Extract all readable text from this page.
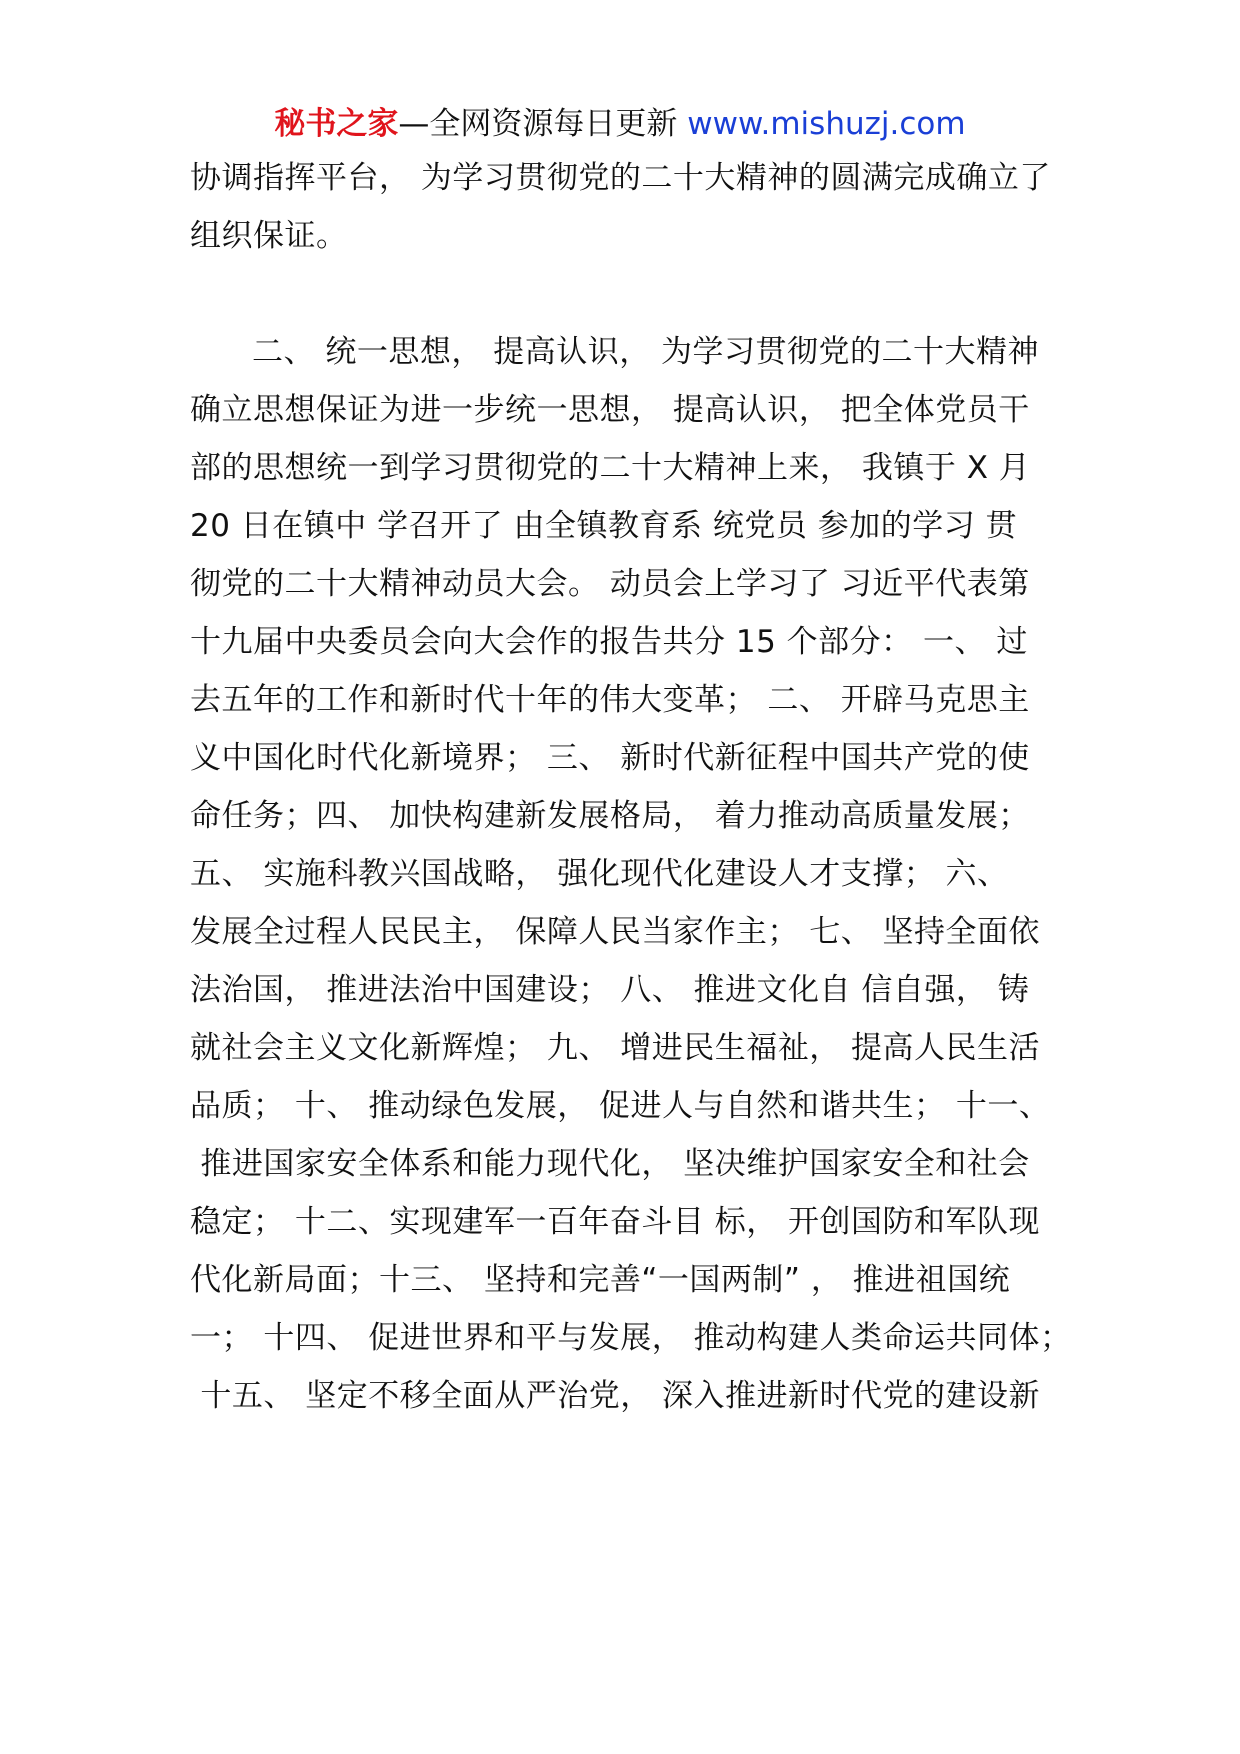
秘书之家—全网资源每日更新 www.mishuzj.com
协调指挥平台， 为学习贯彻党的二十大精神的圆满完成确立了
组织保证。
二、 统一思想， 提高认识， 为学习贯彻党的二十大精神
确立思想保证为进一步统一思想， 提高认识， 把全体党员干
部的思想统一到学习贯彻党的二十大精神上来， 我镇于 X 月
20 日在镇中 学召开了 由全镇教育系 统党员 参加的学习 贯
彻党的二十大精神动员大会。 动员会上学习了 习近平代表第
十九届中央委员会向大会作的报告共分 15 个部分： 一、 过
去五年的工作和新时代十年的伟大变革； 二、 开辟马克思主
义中国化时代化新境界； 三、 新时代新征程中国共产党的使
命任务；四、 加快构建新发展格局， 着力推动高质量发展；
五、 实施科教兴国战略， 强化现代化建设人才支撑； 六、
发展全过程人民民主， 保障人民当家作主； 七、 坚持全面依
法治国， 推进法治中国建设； 八、 推进文化自 信自强， 铸
就社会主义文化新辉煌； 九、 增进民生福祉， 提高人民生活
品质； 十、 推动绿色发展， 促进人与自然和谐共生； 十一、
推进国家安全体系和能力现代化， 坚决维护国家安全和社会
稳定； 十二、实现建军一百年奋斗目 标， 开创国防和军队现
代化新局面；十三、 坚持和完善“一国两制” ， 推进祖国统
一； 十四、 促进世界和平与发展， 推动构建人类命运共同体；
十五、 坚定不移全面从严治党， 深入推进新时代党的建设新
